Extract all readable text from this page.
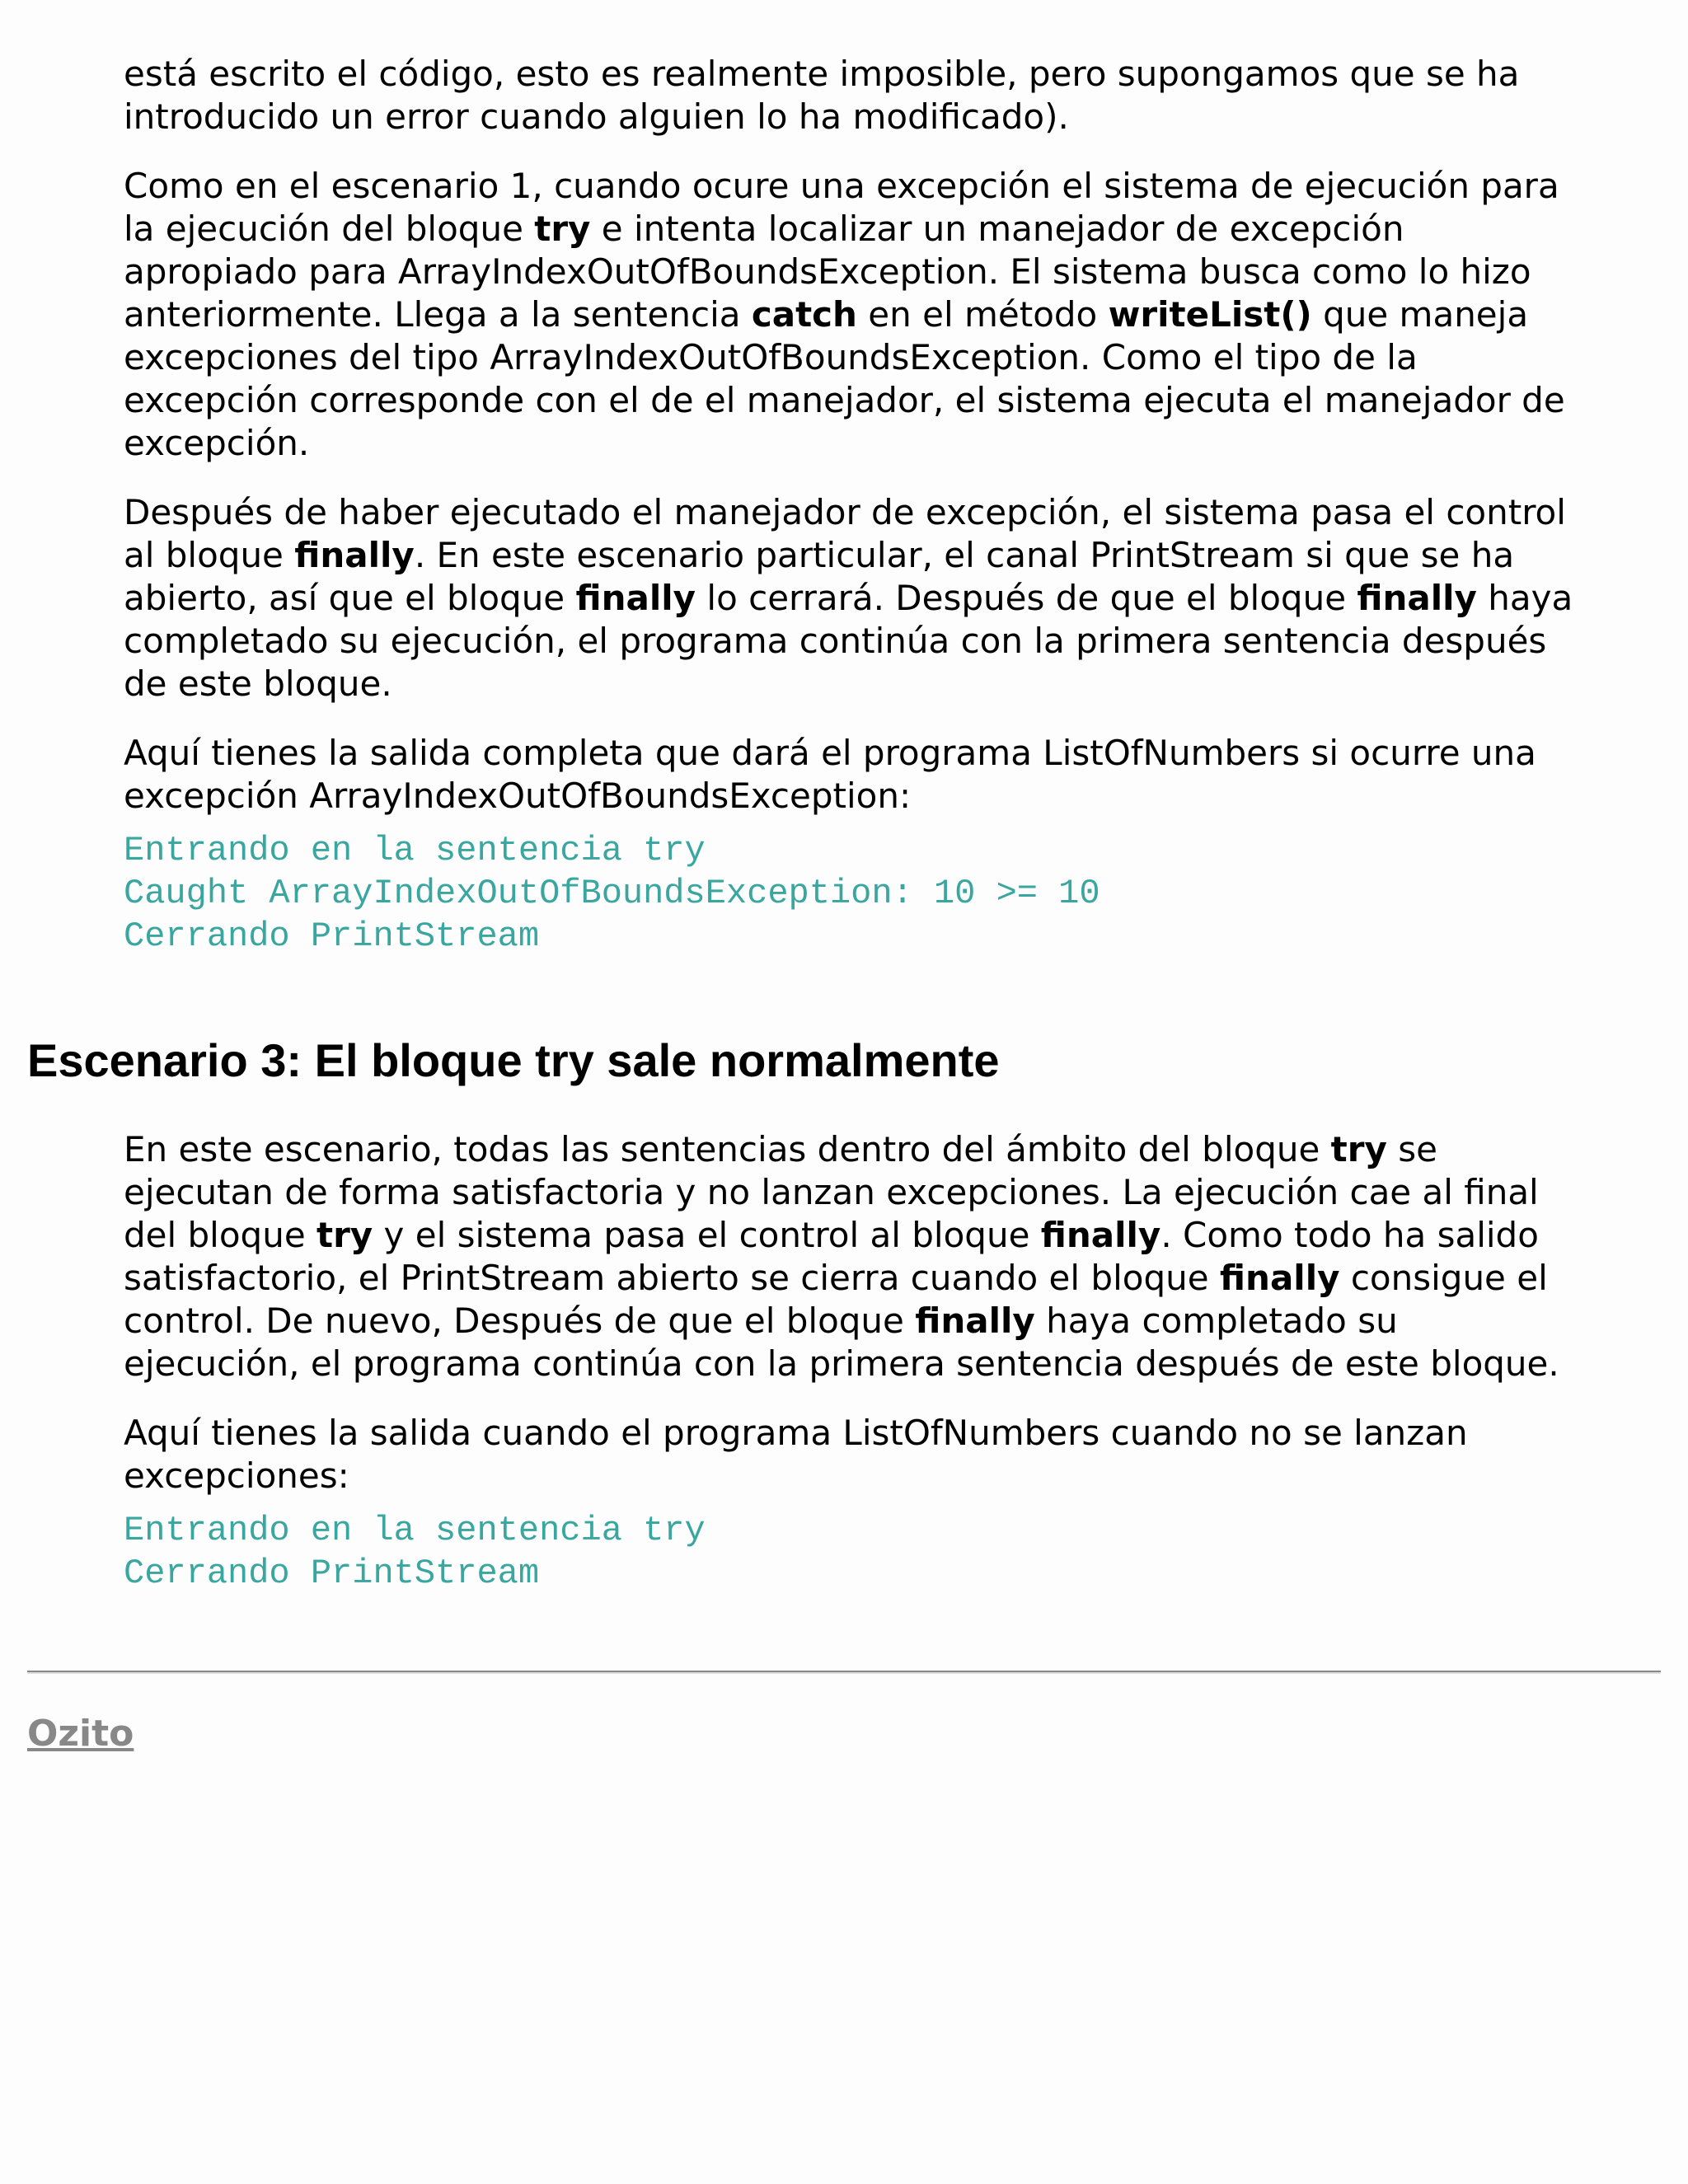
está escrito el código, esto es realmente imposible, pero supongamos que se ha introducido un error cuando alguien lo ha modificado).

Como en el escenario 1, cuando ocure una excepción el sistema de ejecución para la ejecución del bloque try e intenta localizar un manejador de excepción apropiado para ArrayIndexOutOfBoundsException. El sistema busca como lo hizo anteriormente. Llega a la sentencia catch en el método writeList() que maneja excepciones del tipo ArrayIndexOutOfBoundsException. Como el tipo de la excepción corresponde con el de el manejador, el sistema ejecuta el manejador de excepción.

Después de haber ejecutado el manejador de excepción, el sistema pasa el control al bloque finally. En este escenario particular, el canal PrintStream si que se ha abierto, así que el bloque finally lo cerrará. Después de que el bloque finally haya completado su ejecución, el programa continúa con la primera sentencia después de este bloque.

Aquí tienes la salida completa que dará el programa ListOfNumbers si ocurre una excepción ArrayIndexOutOfBoundsException:

Entrando en la sentencia try
Caught ArrayIndexOutOfBoundsException: 10 >= 10
Cerrando PrintStream
Escenario 3: El bloque try sale normalmente

En este escenario, todas las sentencias dentro del ámbito del bloque try se ejecutan de forma satisfactoria y no lanzan excepciones. La ejecución cae al final del bloque try y el sistema pasa el control al bloque finally. Como todo ha salido satisfactorio, el PrintStream abierto se cierra cuando el bloque finally consigue el control. De nuevo, Después de que el bloque finally haya completado su ejecución, el programa continúa con la primera sentencia después de este bloque.

Aquí tienes la salida cuando el programa ListOfNumbers cuando no se lanzan excepciones:

Entrando en la sentencia try
Cerrando PrintStream
Ozito
